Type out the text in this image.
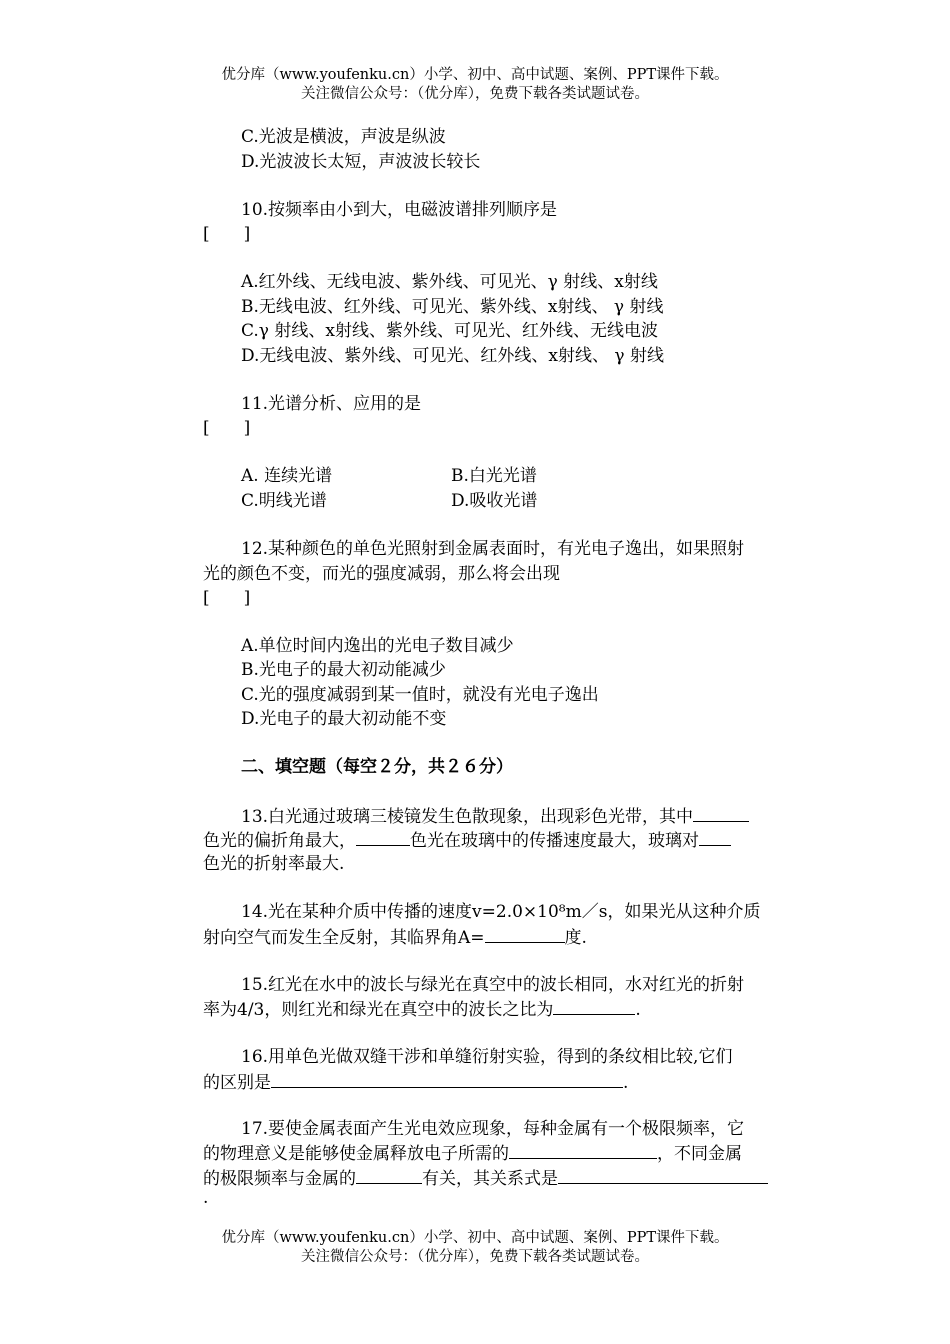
优分库（www.youfenku.cn）小学、初中、高中试题、案例、PPT课件下载。
关注微信公众号：（优分库），免费下载各类试题试卷。
C.光波是横波，声波是纵波
D.光波波长太短，声波波长较长
10.按频率由小到大，电磁波谱排列顺序是
[　　]
A.红外线、无线电波、紫外线、可见光、γ 射线、x射线
B.无线电波、红外线、可见光、紫外线、x射线、 γ 射线
C.γ 射线、x射线、紫外线、可见光、红外线、无线电波
D.无线电波、紫外线、可见光、红外线、x射线、 γ 射线
11.光谱分析、应用的是
[　　]
A. 连续光谱	B.白光光谱
C.明线光谱	D.吸收光谱
12.某种颜色的单色光照射到金属表面时，有光电子逸出，如果照射
光的颜色不变，而光的强度减弱，那么将会出现
[　　]
A.单位时间内逸出的光电子数目减少
B.光电子的最大初动能减少
C.光的强度减弱到某一值时，就没有光电子逸出
D.光电子的最大初动能不变
二、填空题（每空２分，共２６分）
13.白光通过玻璃三棱镜发生色散现象，出现彩色光带，其中
色光的偏折角最大，	色光在玻璃中的传播速度最大，玻璃对
色光的折射率最大.
14.光在某种介质中传播的速度v=2.0×10⁸m／s，如果光从这种介质
射向空气而发生全反射，其临界角A=	度.
15.红光在水中的波长与绿光在真空中的波长相同，水对红光的折射
率为4/3，则红光和绿光在真空中的波长之比为	.
16.用单色光做双缝干涉和单缝衍射实验，得到的条纹相比较,它们
的区别是	.
17.要使金属表面产生光电效应现象，每种金属有一个极限频率，它
的物理意义是能够使金属释放电子所需的	，不同金属
的极限频率与金属的	有关，其关系式是
.
优分库（www.youfenku.cn）小学、初中、高中试题、案例、PPT课件下载。
关注微信公众号：（优分库），免费下载各类试题试卷。
